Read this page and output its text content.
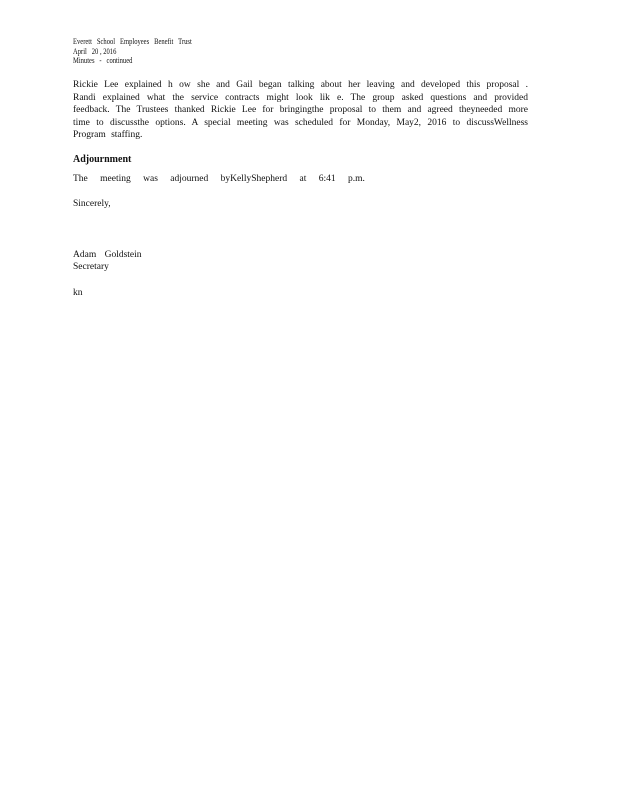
Everett   School   Employees   Benefit   Trust
April   20 , 2016
Minutes   -   continued
Rickie Lee explained h ow she and Gail began talking about her leaving and developed this proposal . Randi explained what the service contracts might look lik e. The group asked questions and provided feedback. The Trustees thanked Rickie Lee for bringingthe proposal to them and agreed theyneeded more time to discussthe options. A special meeting was scheduled for Monday, May2, 2016 to discussWellness Program staffing.
Adjournment
The meeting was adjourned byKellyShepherd at 6:41 p.m.
Sincerely,
Adam Goldstein
Secretary
kn
